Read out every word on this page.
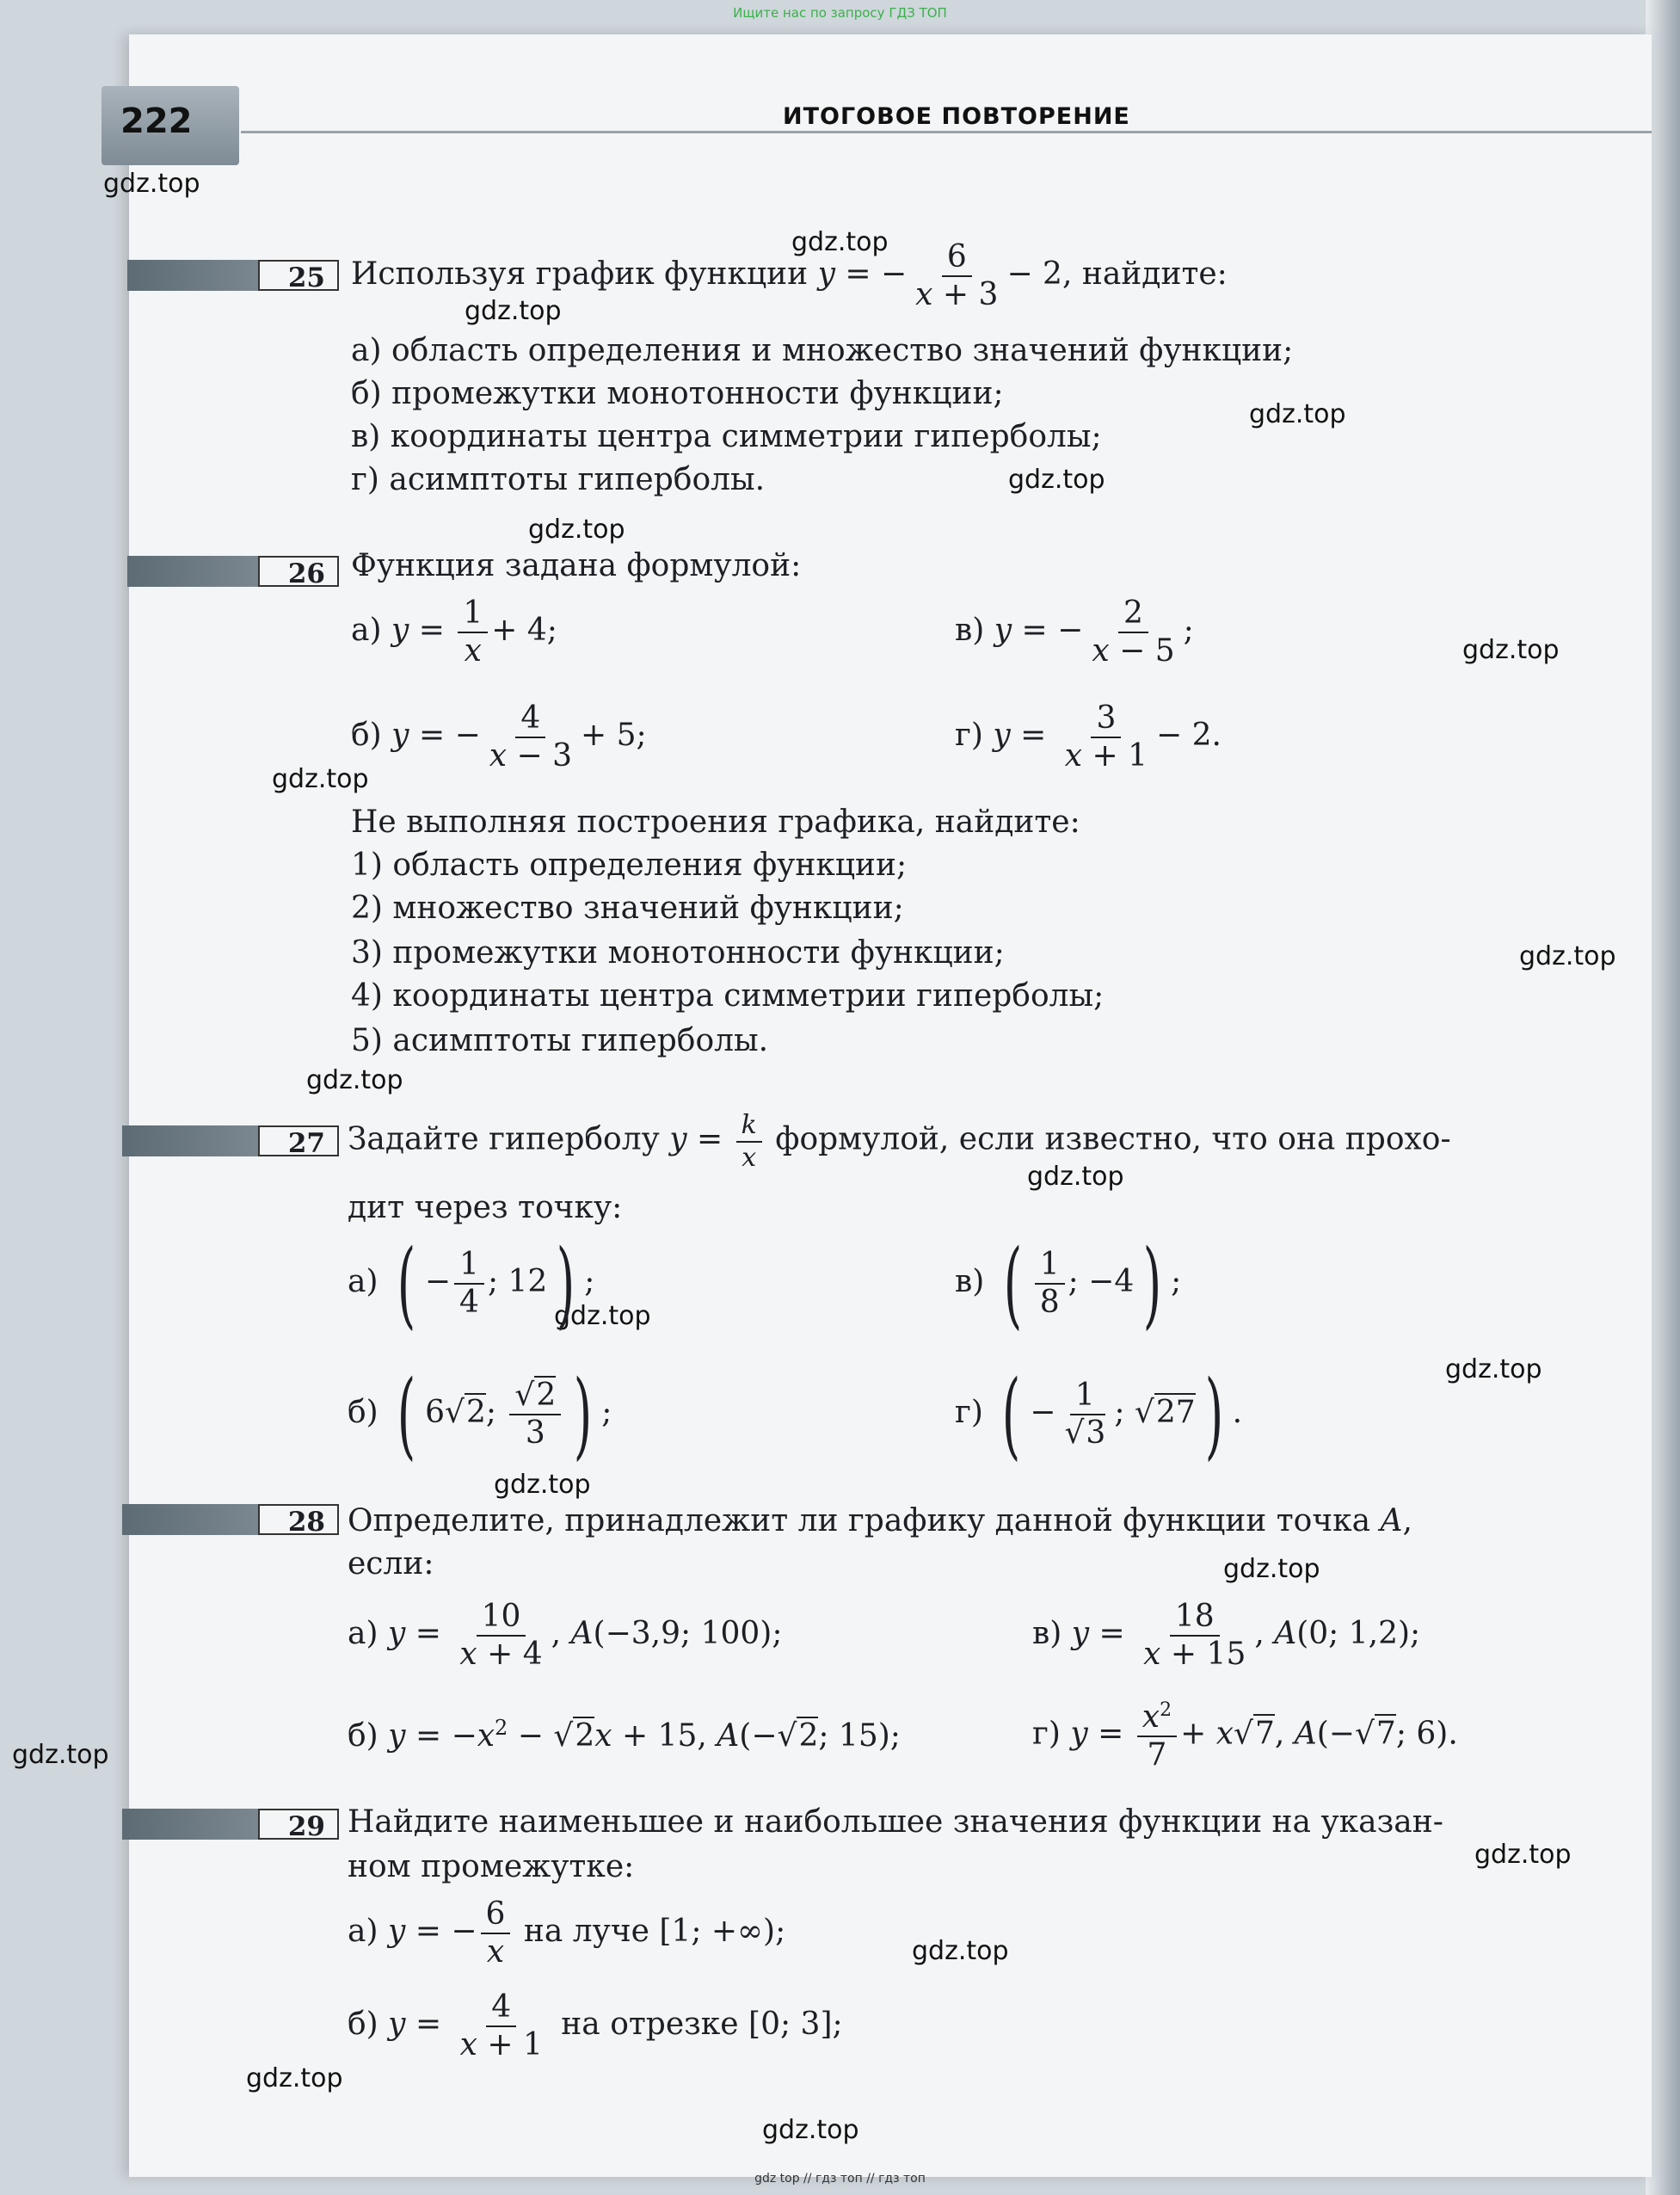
Ищите нас по запросу ГДЗ ТОП
gdz top // гдз топ // гдз топ
222	ИТОГОВОЕ ПОВТОРЕНИЕ
gdz.top
gdz.top
gdz.top
gdz.top
gdz.top
gdz.top
gdz.top
gdz.top
gdz.top
gdz.top
gdz.top
gdz.top
gdz.top
gdz.top
gdz.top
gdz.top
gdz.top
gdz.top
gdz.top
gdz.top
25 Используя график функции y = − $\frac{6}{x + 3} - 2$, найдите:
а) область определения и множество значений функции;
б) промежутки монотонности функции;
в) координаты центра симметрии гиперболы;
г) асимптоты гиперболы.
26 Функция задана формулой:
а) $y = \frac{1}{x} + 4$;	в) y = − $\frac{2}{x - 5}$ ;
б) y = − $\frac{4}{x - 3} + 5$;	г) $y = \frac{3}{x + 1} - 2$.
Не выполняя построения графика, найдите:
1) область определения функции;
2) множество значений функции;
3) промежутки монотонности функции;
4) координаты центра симметрии гиперболы;
5) асимптоты гиперболы.
27 Задайте гиперболу $y = \frac{k}{x}$ формулой, если известно, что она прохо-
дит через точку:
а) ( − $\frac{1}{4}$ ; 12) ;	в) ( $\frac{1}{8}$ ; −4) ;
б) ( 6√2; $\frac{√2}{3}$ ) ;	г) ( − $\frac{1}{√3}$ ; √27) .
28 Определите, принадлежит ли графику данной функции точка A,
если:
а) $y = \frac{10}{x + 4}$ , A(−3,9; 100);	в) $y = \frac{18}{x + 15}$ , A(0; 1,2);
б) $y = -x^2 - √2x + 15$, A(−√2; 15);	г) $y = \frac{x^2}{7} + x√7$, A(−√7; 6).
29 Найдите наименьшее и наибольшее значения функции на указан-
ном промежутке:
а) y = − $\frac{6}{x}$ на луче [1; +∞);
б) $y = \frac{4}{x + 1}$ на отрезке [0; 3];
